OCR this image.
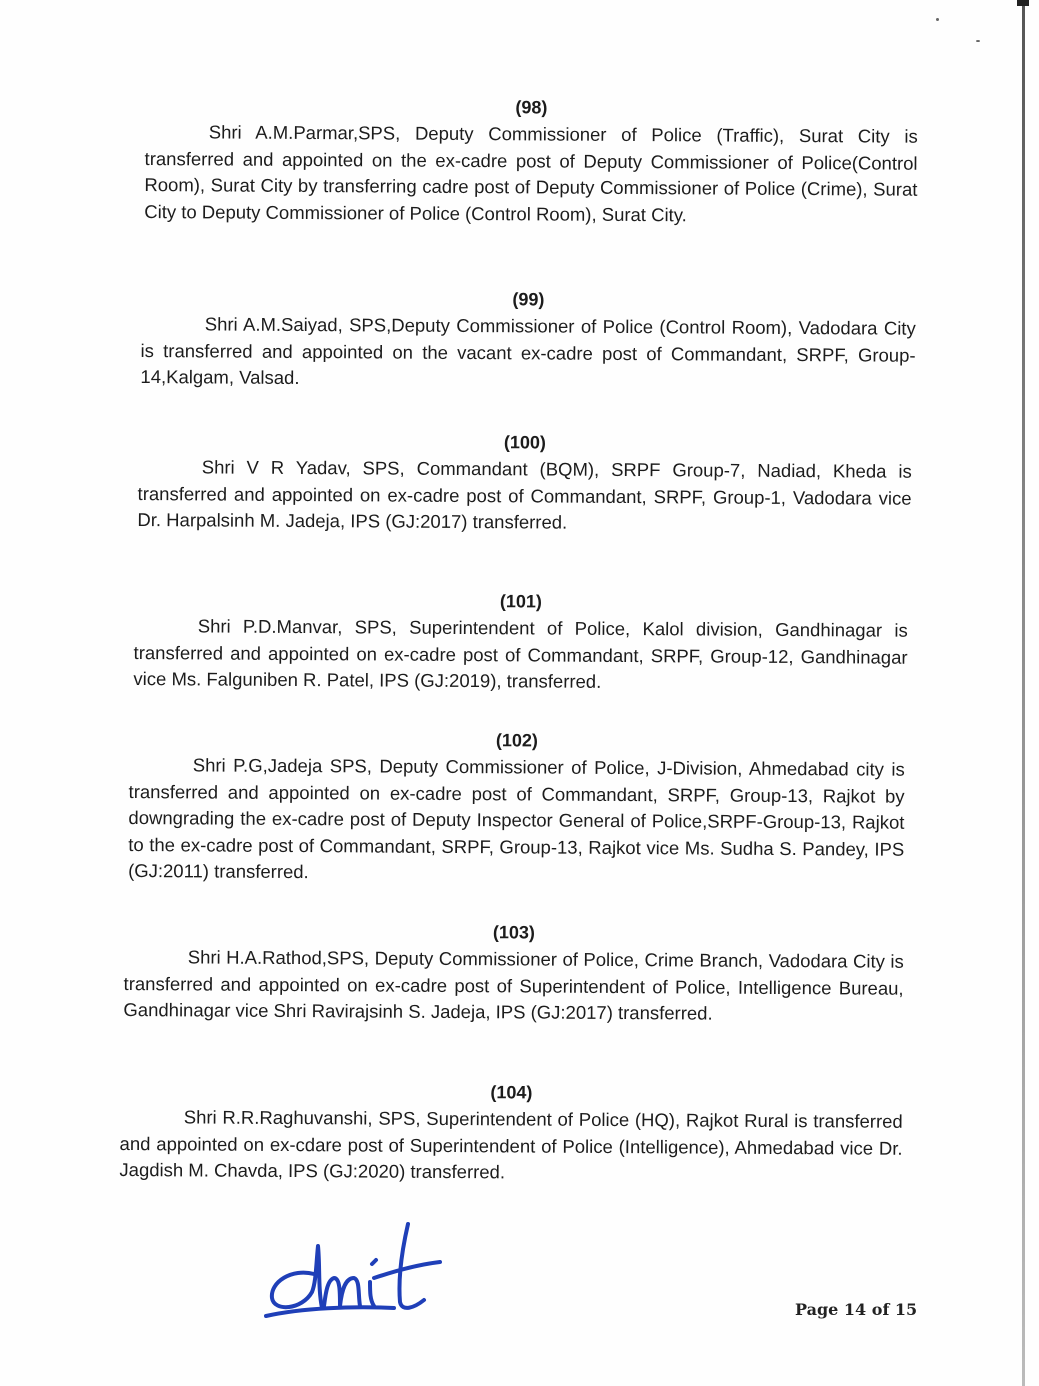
(98)

Shri A.M.Parmar,SPS, Deputy Commissioner of Police (Traffic), Surat City is transferred and appointed on the ex-cadre post of Deputy Commissioner of Police(Control Room), Surat City by transferring cadre post of Deputy Commissioner of Police (Crime), Surat City to Deputy Commissioner of Police (Control Room), Surat City.

(99)

Shri A.M.Saiyad, SPS,Deputy Commissioner of Police (Control Room), Vadodara City is transferred and appointed on the vacant ex-cadre post of Commandant, SRPF, Group-14,Kalgam, Valsad.

(100)

Shri V R Yadav, SPS, Commandant (BQM), SRPF Group-7, Nadiad, Kheda is transferred and appointed on ex-cadre post of Commandant, SRPF, Group-1, Vadodara vice Dr. Harpalsinh M. Jadeja, IPS (GJ:2017) transferred.

(101)

Shri P.D.Manvar, SPS, Superintendent of Police, Kalol division, Gandhinagar is transferred and appointed on ex-cadre post of Commandant, SRPF, Group-12, Gandhinagar vice Ms. Falguniben R. Patel, IPS (GJ:2019), transferred.

(102)

Shri P.G,Jadeja SPS, Deputy Commissioner of Police, J-Division, Ahmedabad city is transferred and appointed on ex-cadre post of Commandant, SRPF, Group-13, Rajkot by downgrading the ex-cadre post of Deputy Inspector General of Police,SRPF-Group-13, Rajkot to the ex-cadre post of Commandant, SRPF, Group-13, Rajkot vice Ms. Sudha S. Pandey, IPS (GJ:2011) transferred.

(103)

Shri H.A.Rathod,SPS, Deputy Commissioner of Police, Crime Branch, Vadodara City is transferred and appointed on ex-cadre post of Superintendent of Police, Intelligence Bureau, Gandhinagar vice Shri Ravirajsinh S. Jadeja, IPS (GJ:2017) transferred.

(104)

Shri R.R.Raghuvanshi, SPS, Superintendent of Police (HQ), Rajkot Rural is transferred and appointed on ex-cdare post of Superintendent of Police (Intelligence), Ahmedabad vice Dr. Jagdish M. Chavda, IPS (GJ:2020) transferred.

Page 14 of 15
